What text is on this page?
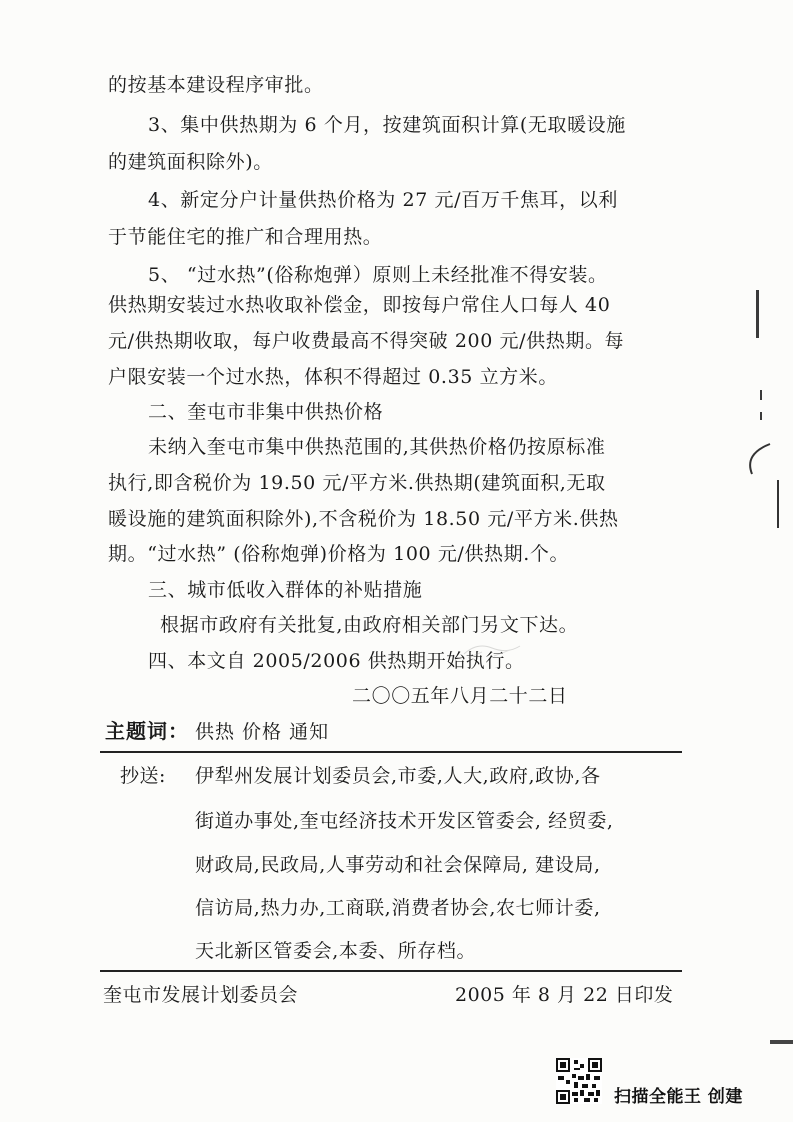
的按基本建设程序审批。
3、集中供热期为 6 个月，按建筑面积计算(无取暖设施
的建筑面积除外)。
4、新定分户计量供热价格为 27 元/百万千焦耳，以利
于节能住宅的推广和合理用热。
5、 “过水热”(俗称炮弹）原则上未经批准不得安装。
供热期安装过水热收取补偿金，即按每户常住人口每人 40
元/供热期收取，每户收费最高不得突破 200 元/供热期。每
户限安装一个过水热，体积不得超过 0.35 立方米。
二、奎屯市非集中供热价格
未纳入奎屯市集中供热范围的,其供热价格仍按原标准
执行,即含税价为 19.50 元/平方米.供热期(建筑面积,无取
暖设施的建筑面积除外),不含税价为 18.50 元/平方米.供热
期。“过水热” (俗称炮弹)价格为 100 元/供热期.个。
三、城市低收入群体的补贴措施
根据市政府有关批复,由政府相关部门另文下达。
四、本文自 2005/2006 供热期开始执行。
二〇〇五年八月二十二日
主题词： 供热 价格 通知
抄送: 伊犁州发展计划委员会,市委,人大,政府,政协,各
街道办事处,奎屯经济技术开发区管委会, 经贸委,
财政局,民政局,人事劳动和社会保障局, 建设局,
信访局,热力办,工商联,消费者协会,农七师计委,
天北新区管委会,本委、所存档。
奎屯市发展计划委员会	2005 年 8 月 22 日印发
扫描全能王 创建
